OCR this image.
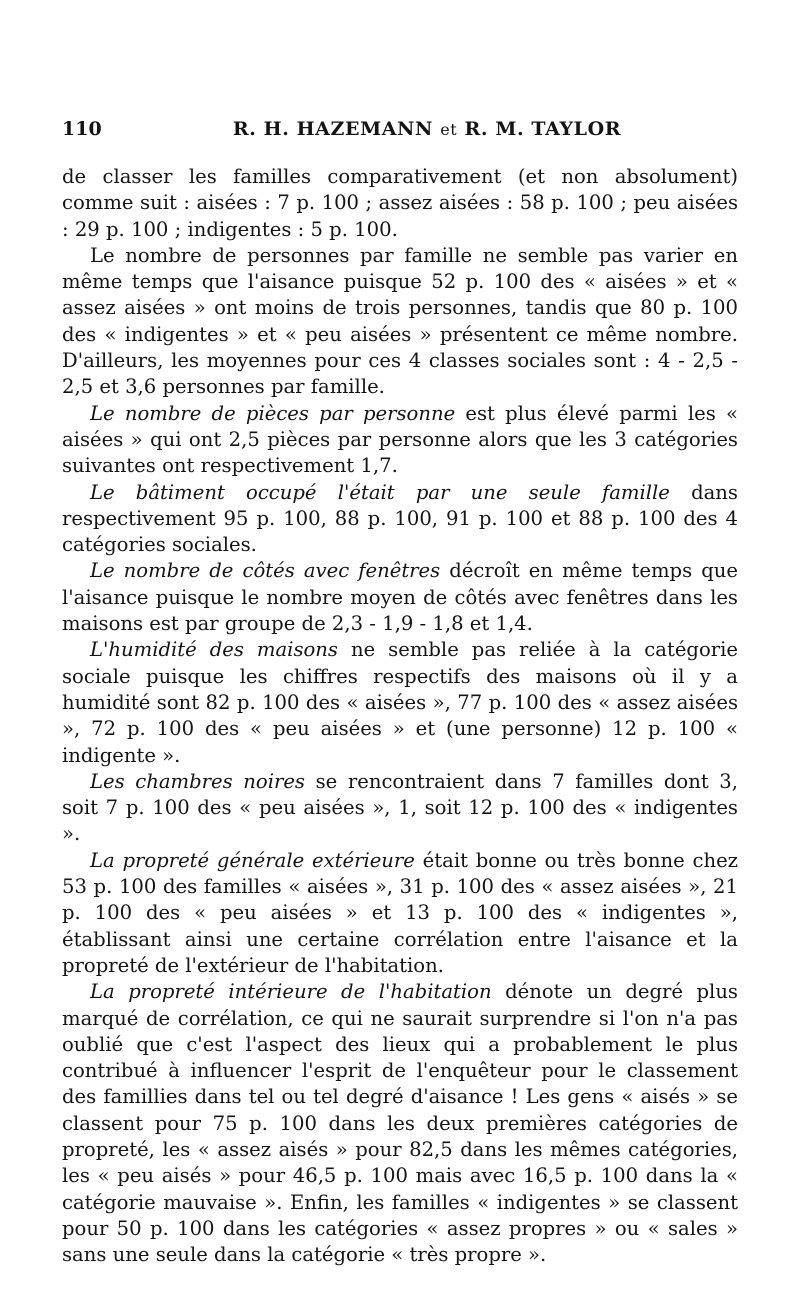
110	R. H. HAZEMANN et R. M. TAYLOR

de classer les familles comparativement (et non absolument) comme suit : aisées : 7 p. 100 ; assez aisées : 58 p. 100 ; peu aisées : 29 p. 100 ; indigentes : 5 p. 100.

Le nombre de personnes par famille ne semble pas varier en même temps que l'aisance puisque 52 p. 100 des « aisées » et « assez aisées » ont moins de trois personnes, tandis que 80 p. 100 des « indigentes » et « peu aisées » présentent ce même nombre. D'ailleurs, les moyennes pour ces 4 classes sociales sont : 4 - 2,5 - 2,5 et 3,6 personnes par famille.

Le nombre de pièces par personne est plus élevé parmi les « aisées » qui ont 2,5 pièces par personne alors que les 3 catégories suivantes ont respectivement 1,7.

Le bâtiment occupé l'était par une seule famille dans respectivement 95 p. 100, 88 p. 100, 91 p. 100 et 88 p. 100 des 4 catégories sociales.

Le nombre de côtés avec fenêtres décroît en même temps que l'aisance puisque le nombre moyen de côtés avec fenêtres dans les maisons est par groupe de 2,3 - 1,9 - 1,8 et 1,4.

L'humidité des maisons ne semble pas reliée à la catégorie sociale puisque les chiffres respectifs des maisons où il y a humidité sont 82 p. 100 des « aisées », 77 p. 100 des « assez aisées », 72 p. 100 des « peu aisées » et (une personne) 12 p. 100 « indigente ».

Les chambres noires se rencontraient dans 7 familles dont 3, soit 7 p. 100 des « peu aisées », 1, soit 12 p. 100 des « indigentes ».

La propreté générale extérieure était bonne ou très bonne chez 53 p. 100 des familles « aisées », 31 p. 100 des « assez aisées », 21 p. 100 des « peu aisées » et 13 p. 100 des « indigentes », établissant ainsi une certaine corrélation entre l'aisance et la propreté de l'extérieur de l'habitation.

La propreté intérieure de l'habitation dénote un degré plus marqué de corrélation, ce qui ne saurait surprendre si l'on n'a pas oublié que c'est l'aspect des lieux qui a probablement le plus contribué à influencer l'esprit de l'enquêteur pour le classement des famillies dans tel ou tel degré d'aisance ! Les gens « aisés » se classent pour 75 p. 100 dans les deux premières catégories de propreté, les « assez aisés » pour 82,5 dans les mêmes catégories, les « peu aisés » pour 46,5 p. 100 mais avec 16,5 p. 100 dans la « catégorie mauvaise ». Enfin, les familles « indigentes » se classent pour 50 p. 100 dans les catégories « assez propres » ou « sales » sans une seule dans la catégorie « très propre ».
